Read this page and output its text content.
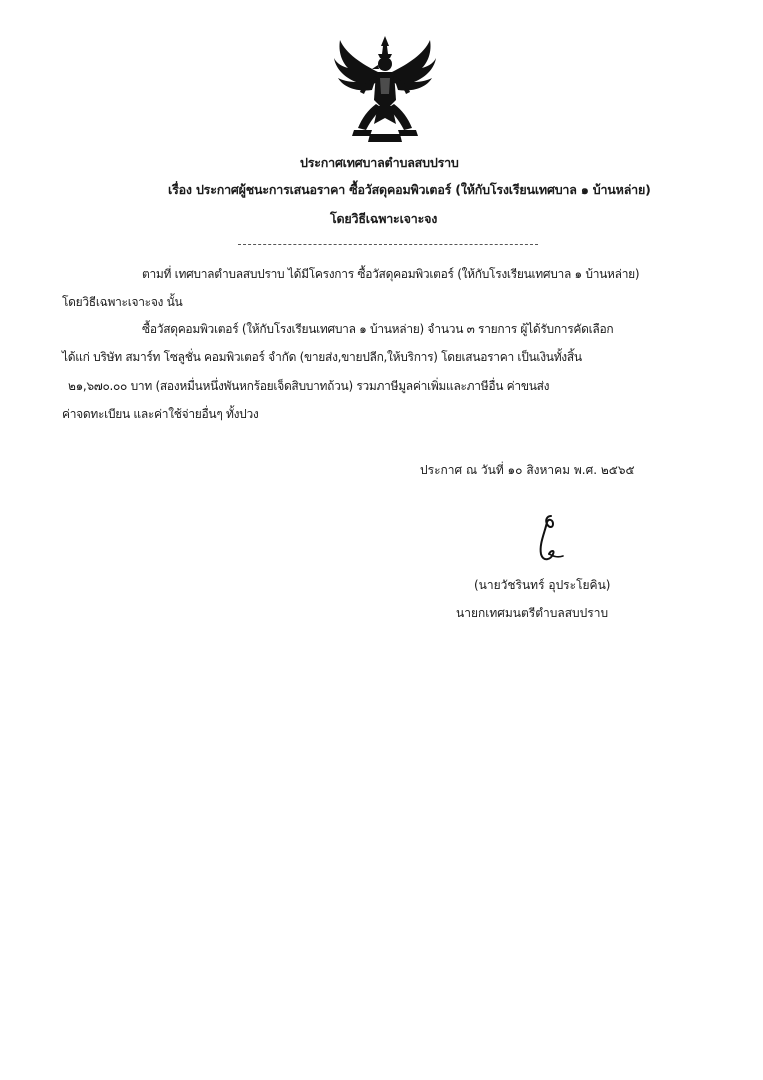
ประกาศเทศบาลตำบลสบปราบ
เรื่อง ประกาศผู้ชนะการเสนอราคา ซื้อวัสดุคอมพิวเตอร์ (ให้กับโรงเรียนเทศบาล ๑ บ้านหล่าย)
โดยวิธีเฉพาะเจาะจง
ตามที่ เทศบาลตำบลสบปราบ ได้มีโครงการ ซื้อวัสดุคอมพิวเตอร์ (ให้กับโรงเรียนเทศบาล ๑ บ้านหล่าย)
โดยวิธีเฉพาะเจาะจง นั้น
ซื้อวัสดุคอมพิวเตอร์ (ให้กับโรงเรียนเทศบาล ๑ บ้านหล่าย) จำนวน ๓ รายการ ผู้ได้รับการคัดเลือก
ได้แก่ บริษัท สมาร์ท โซลูชั่น คอมพิวเตอร์ จำกัด (ขายส่ง,ขายปลีก,ให้บริการ) โดยเสนอราคา เป็นเงินทั้งสิ้น
๒๑,๖๗๐.๐๐ บาท (สองหมื่นหนึ่งพันหกร้อยเจ็ดสิบบาทถ้วน) รวมภาษีมูลค่าเพิ่มและภาษีอื่น ค่าขนส่ง
ค่าจดทะเบียน และค่าใช้จ่ายอื่นๆ ทั้งปวง
ประกาศ ณ วันที่ ๑๐ สิงหาคม พ.ศ. ๒๕๖๕
(นายวัชรินทร์ อุประโยคิน)
นายกเทศมนตรีตำบลสบปราบ
